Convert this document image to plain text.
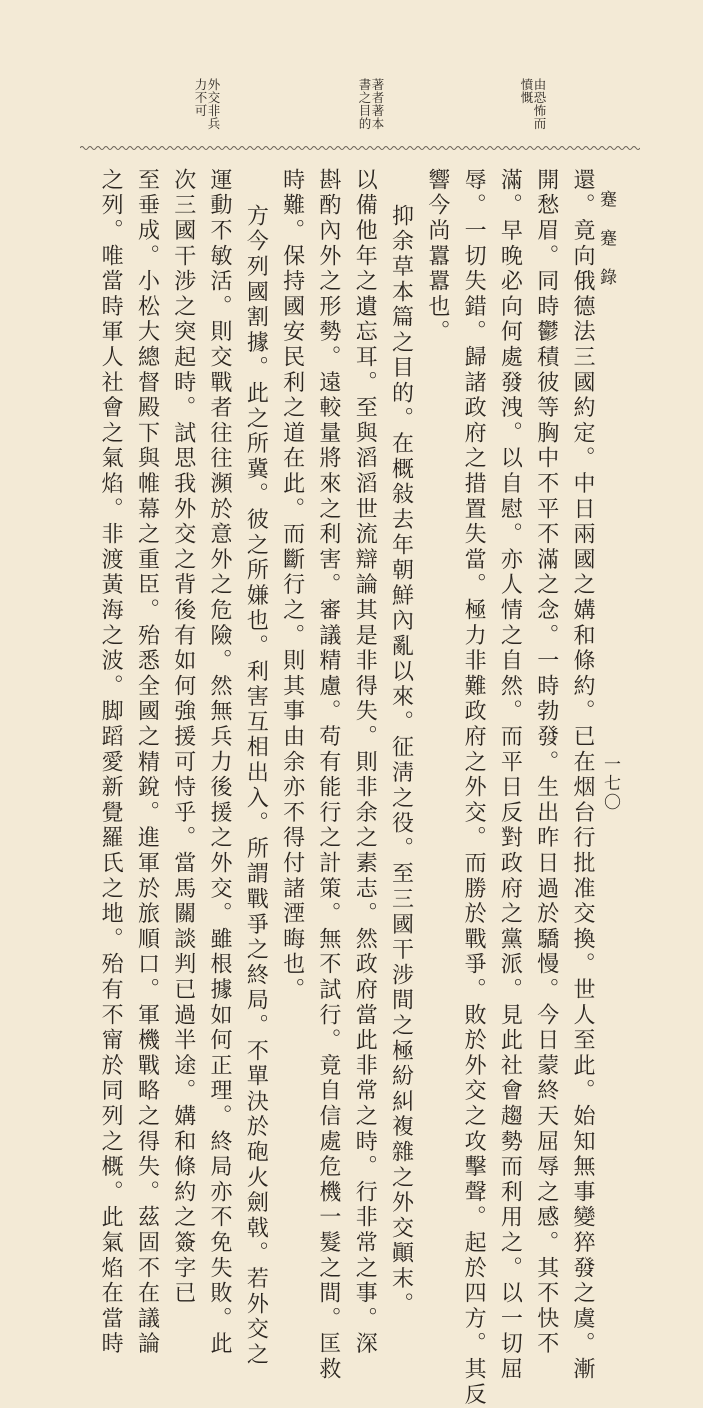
蹇蹇錄
一七〇
由恐怖而憤慨
著者著本書之目的
外交非兵力不可
還。竟向俄德法三國約定。中日兩國之媾和條約。已在烟台行批准交換。世人至此。始知無事變猝發之虞。漸
開愁眉。同時鬱積彼等胸中不平不滿之念。一時勃發。生出昨日過於驕慢。今日蒙終天屈辱之感。其不快不
滿。早晚必向何處發洩。以自慰。亦人情之自然。而平日反對政府之黨派。見此社會趨勢而利用之。以一切屈
辱。一切失錯。歸諸政府之措置失當。極力非難政府之外交。而勝於戰爭。敗於外交之攻擊聲。起於四方。其反
響今尚囂囂也。
抑余草本篇之目的。在概敍去年朝鮮內亂以來。征淸之役。至三國干涉間之極紛糾複雜之外交顚末。
以備他年之遺忘耳。至與滔滔世流辯論其是非得失。則非余之素志。然政府當此非常之時。行非常之事。深
斟酌內外之形勢。遠較量將來之利害。審議精慮。苟有能行之計策。無不試行。竟自信處危機一髮之間。匡救
時難。保持國安民利之道在此。而斷行之。則其事由余亦不得付諸湮晦也。
方今列國割據。此之所冀。彼之所嫌也。利害互相出入。所謂戰爭之終局。不單決於砲火劍戟。若外交之
運動不敏活。則交戰者往往瀕於意外之危險。然無兵力後援之外交。雖根據如何正理。終局亦不免失敗。此
次三國干涉之突起時。試思我外交之背後有如何強援可恃乎。當馬關談判已過半途。媾和條約之簽字已
至垂成。小松大總督殿下與帷幕之重臣。殆悉全國之精銳。進軍於旅順口。軍機戰略之得失。茲固不在議論
之列。唯當時軍人社會之氣焰。非渡黃海之波。脚蹈愛新覺羅氏之地。殆有不甯於同列之概。此氣焰在當時
